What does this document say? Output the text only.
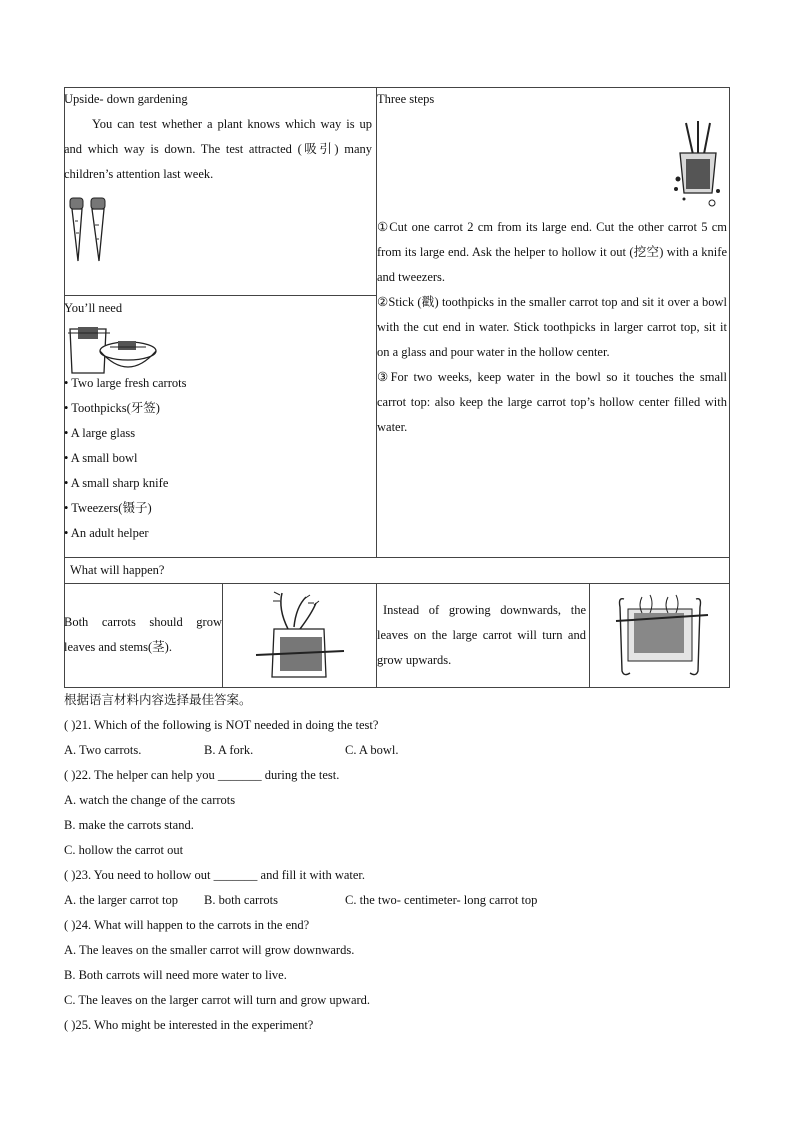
Upside- down gardening
You can test whether a plant knows which way is up and which way is down. The test attracted (吸引) many children’s attention last week.
Three steps
①Cut one carrot 2 cm from its large end. Cut the other carrot 5 cm from its large end. Ask the helper to hollow it out (挖空) with a knife and tweezers.
②Stick (戳) toothpicks in the smaller carrot top and sit it over a bowl with the cut end in water. Stick toothpicks in larger carrot top, sit it on a glass and pour water in the hollow center.
③For two weeks, keep water in the bowl so it touches the small carrot top: also keep the large carrot top’s hollow center filled with water.
You’ll need
• Two large fresh carrots
• Toothpicks(牙签)
• A large glass
• A small bowl
• A small sharp knife
• Tweezers(镊子)
• An adult helper
What will happen?
Both carrots should grow leaves and stems(茎).
Instead of growing downwards, the leaves on the large carrot will turn and grow upwards.
根据语言材料内容选择最佳答案。
( )21. Which of the following is NOT needed in doing the test?
A. Two carrots.	B. A fork.	C. A bowl.
( )22. The helper can help you _______ during the test.
A. watch the change of the carrots
B. make the carrots stand.
C. hollow the carrot out
( )23. You need to hollow out _______ and fill it with water.
A. the larger carrot top B. both carrots	C. the two- centimeter- long carrot top
( )24. What will happen to the carrots in the end?
A. The leaves on the smaller carrot will grow downwards.
B. Both carrots will need more water to live.
C. The leaves on the larger carrot will turn and grow upward.
( )25. Who might be interested in the experiment?
